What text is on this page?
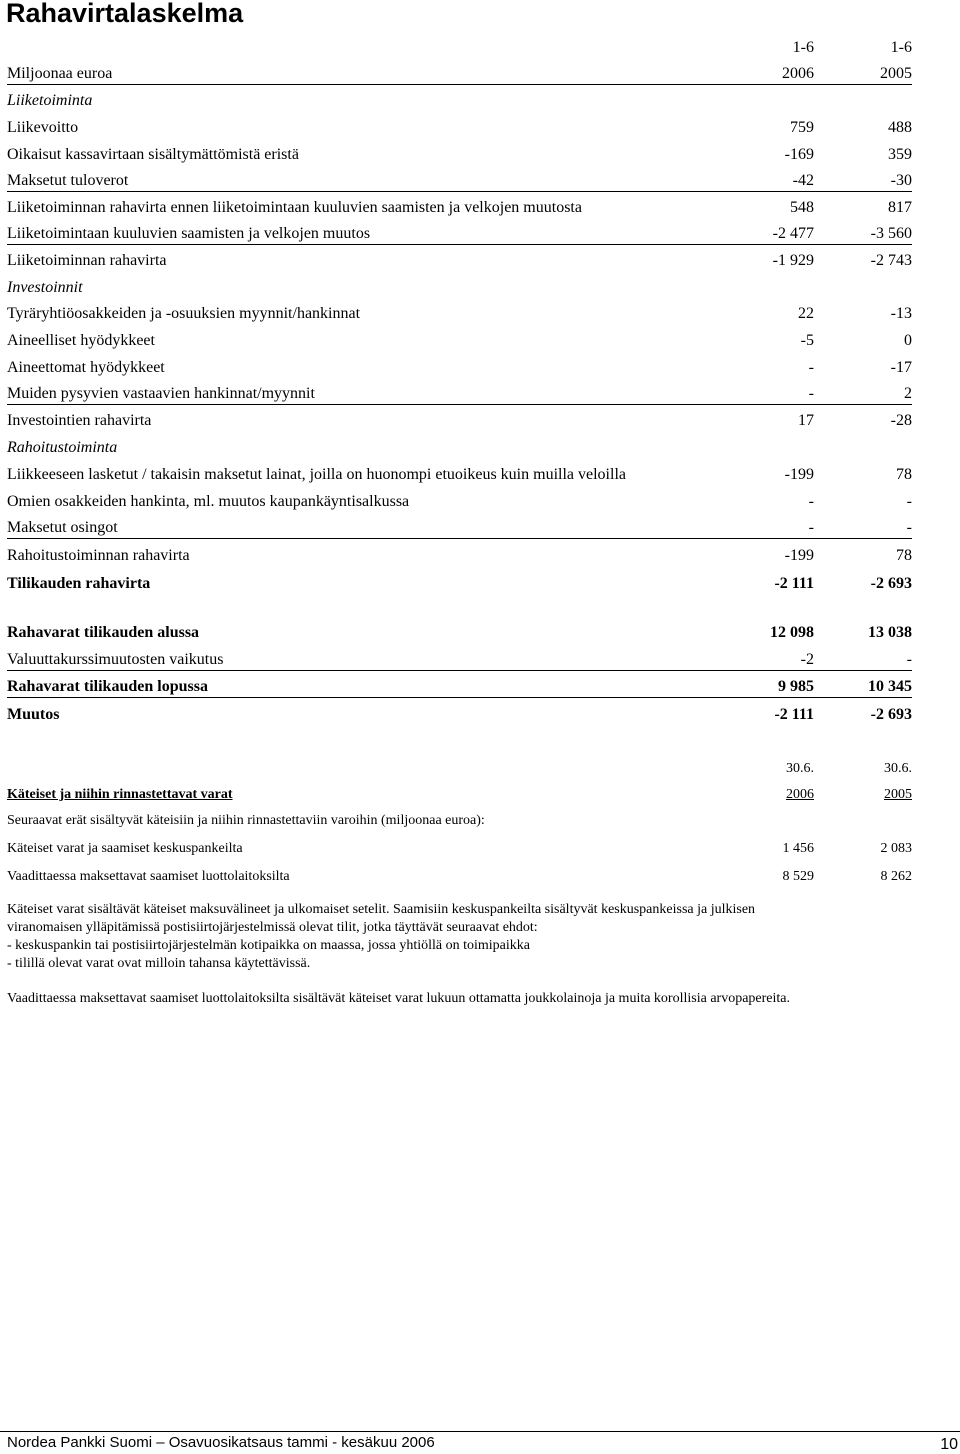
Rahavirtalaskelma
1-6	1-6
Miljoonaa euroa	2006	2005
Liiketoiminta
Liikevoitto	759	488
Oikaisut kassavirtaan sisältymättömistä eristä	-169	359
Maksetut tuloverot	-42	-30
Liiketoiminnan rahavirta ennen liiketoimintaan kuuluvien saamisten ja velkojen muutosta	548	817
Liiketoimintaan kuuluvien saamisten ja velkojen muutos	-2 477	-3 560
Liiketoiminnan rahavirta	-1 929	-2 743
Investoinnit
Tyräryhtiöosakkeiden ja -osuuksien myynnit/hankinnat	22	-13
Aineelliset hyödykkeet	-5	0
Aineettomat hyödykkeet	-	-17
Muiden pysyvien vastaavien hankinnat/myynnit	-	2
Investointien rahavirta	17	-28
Rahoitustoiminta
Liikkeeseen lasketut / takaisin maksetut lainat, joilla on huonompi etuoikeus kuin muilla veloilla	-199	78
Omien osakkeiden hankinta, ml. muutos kaupankäyntisalkussa	-	-
Maksetut osingot	-	-
Rahoitustoiminnan rahavirta	-199	78
Tilikauden rahavirta	-2 111	-2 693
Rahavarat tilikauden alussa	12 098	13 038
Valuuttakurssimuutosten vaikutus	-2	-
Rahavarat tilikauden lopussa	9 985	10 345
Muutos	-2 111	-2 693
30.6.	30.6.
Käteiset ja niihin rinnastettavat varat	2006	2005
Seuraavat erät sisältyvät käteisiin ja niihin rinnastettaviin varoihin (miljoonaa euroa):
Käteiset varat ja saamiset keskuspankeilta	1 456	2 083
Vaadittaessa maksettavat saamiset luottolaitoksilta	8 529	8 262

Käteiset varat sisältävät käteiset maksuvälineet ja ulkomaiset setelit. Saamisiin keskuspankeilta sisältyvät keskuspankeissa ja julkisen

viranomaisen ylläpitämissä postisiirtojärjestelmissä olevat tilit, jotka täyttävät seuraavat ehdot:

- keskuspankin tai postisiirtojärjestelmän kotipaikka on maassa, jossa yhtiöllä on toimipaikka

- tilillä olevat varat ovat milloin tahansa käytettävissä.

Vaadittaessa maksettavat saamiset luottolaitoksilta sisältävät käteiset varat lukuun ottamatta joukkolainoja ja muita korollisia arvopapereita.

Nordea Pankki Suomi – Osavuosikatsaus tammi - kesäkuu 2006	10
